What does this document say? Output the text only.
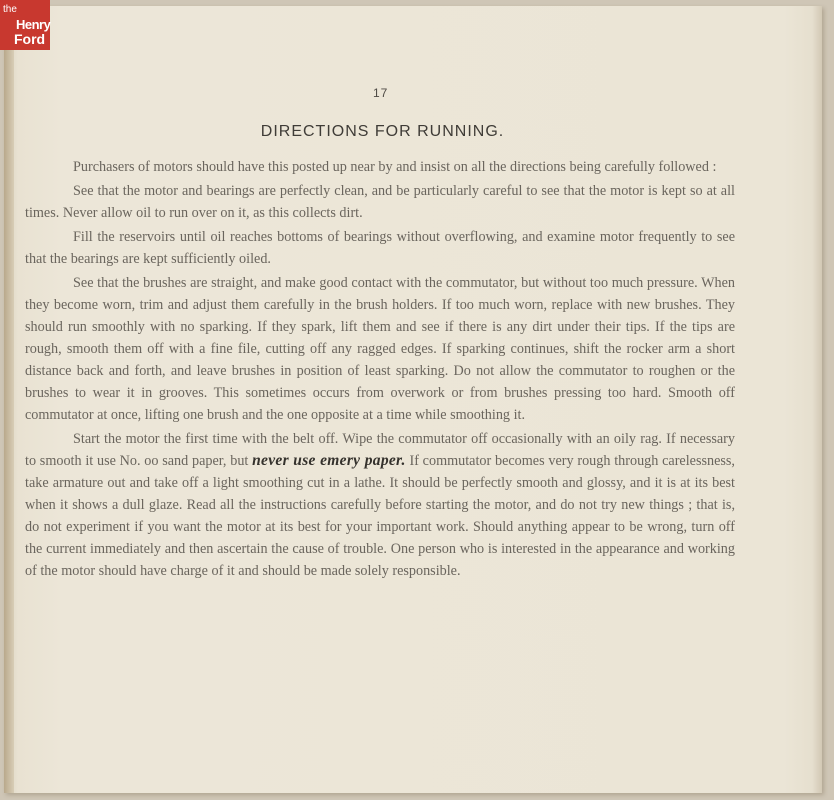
17
DIRECTIONS FOR RUNNING.

Purchasers of motors should have this posted up near by and insist on all the directions being carefully followed :

See that the motor and bearings are perfectly clean, and be particularly careful to see that the motor is kept so at all times. Never allow oil to run over on it, as this collects dirt.

Fill the reservoirs until oil reaches bottoms of bearings without overflowing, and examine motor frequently to see that the bearings are kept sufficiently oiled.

See that the brushes are straight, and make good contact with the commutator, but without too much pressure. When they become worn, trim and adjust them carefully in the brush holders. If too much worn, replace with new brushes. They should run smoothly with no sparking. If they spark, lift them and see if there is any dirt under their tips. If the tips are rough, smooth them off with a fine file, cutting off any ragged edges. If sparking continues, shift the rocker arm a short distance back and forth, and leave brushes in position of least sparking. Do not allow the commutator to roughen or the brushes to wear it in grooves. This sometimes occurs from overwork or from brushes pressing too hard. Smooth off commutator at once, lifting one brush and the one opposite at a time while smoothing it.

Start the motor the first time with the belt off. Wipe the commutator off occasionally with an oily rag. If necessary to smooth it use No. oo sand paper, but never use emery paper. If commutator becomes very rough through carelessness, take armature out and take off a light smoothing cut in a lathe. It should be perfectly smooth and glossy, and it is at its best when it shows a dull glaze. Read all the instructions carefully before starting the motor, and do not try new things ; that is, do not experiment if you want the motor at its best for your important work. Should anything appear to be wrong, turn off the current immediately and then ascertain the cause of trouble. One person who is interested in the appearance and working of the motor should have charge of it and should be made solely responsible.

the
Henry
Ford
